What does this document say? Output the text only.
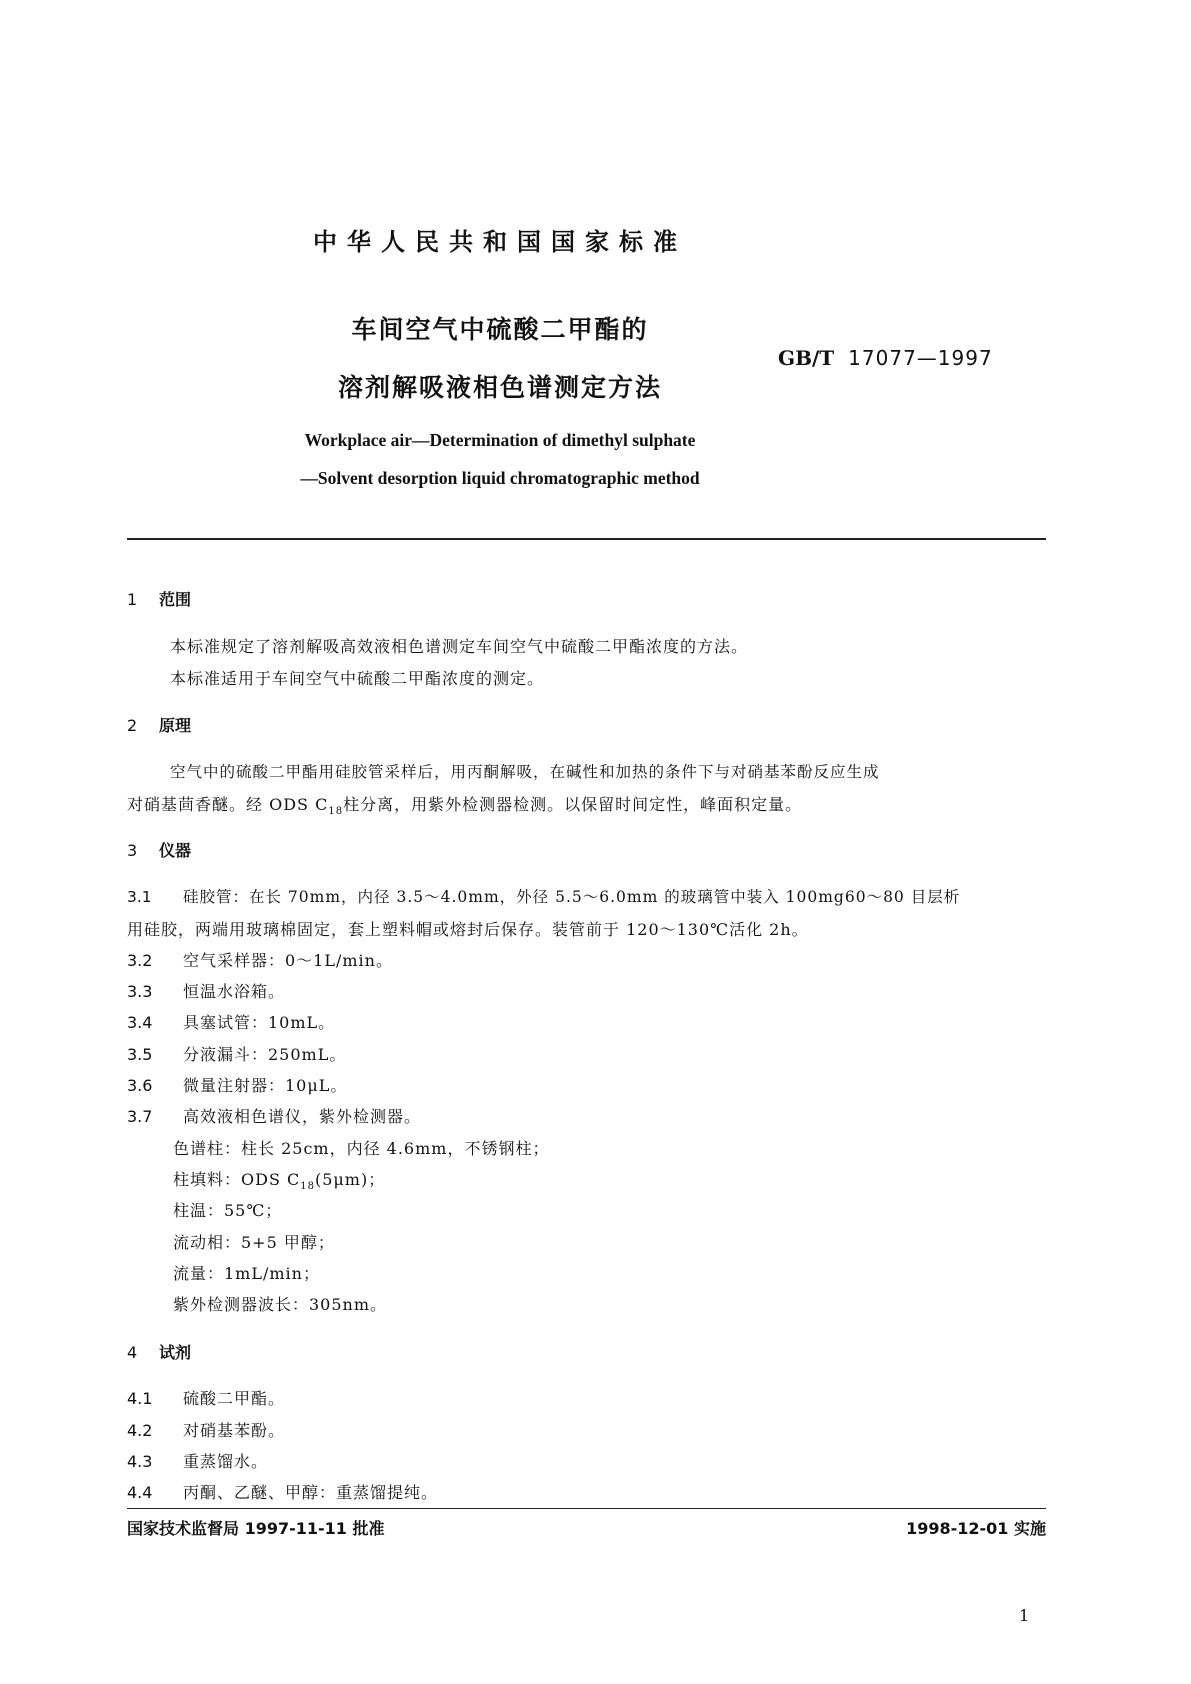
中华人民共和国国家标准
车间空气中硫酸二甲酯的
溶剂解吸液相色谱测定方法
GB/T 17077—1997
Workplace air—Determination of dimethyl sulphate
—Solvent desorption liquid chromatographic method
1 范围
本标准规定了溶剂解吸高效液相色谱测定车间空气中硫酸二甲酯浓度的方法。
本标准适用于车间空气中硫酸二甲酯浓度的测定。
2 原理
空气中的硫酸二甲酯用硅胶管采样后，用丙酮解吸，在碱性和加热的条件下与对硝基苯酚反应生成
对硝基茴香醚。经 ODS $C_{18}$柱分离，用紫外检测器检测。以保留时间定性，峰面积定量。
3 仪器
3.1 硅胶管：在长 70mm，内径 3.5～4.0mm，外径 5.5～6.0mm 的玻璃管中装入 100mg60～80 目层析
用硅胶，两端用玻璃棉固定，套上塑料帽或熔封后保存。装管前于 120～130℃活化 2h。
3.2 空气采样器：0～1L/min。
3.3 恒温水浴箱。
3.4 具塞试管：10mL。
3.5 分液漏斗：250mL。
3.6 微量注射器：10μL。
3.7 高效液相色谱仪，紫外检测器。
色谱柱：柱长 25cm，内径 4.6mm，不锈钢柱；
柱填料：ODS $C_{18}(5\mu m)$；
柱温：55℃；
流动相：5+5 甲醇；
流量：1mL/min；
紫外检测器波长：305nm。
4 试剂
4.1 硫酸二甲酯。
4.2 对硝基苯酚。
4.3 重蒸馏水。
4.4 丙酮、乙醚、甲醇：重蒸馏提纯。
国家技术监督局 1997-11-11 批准	1998-12-01 实施
1
